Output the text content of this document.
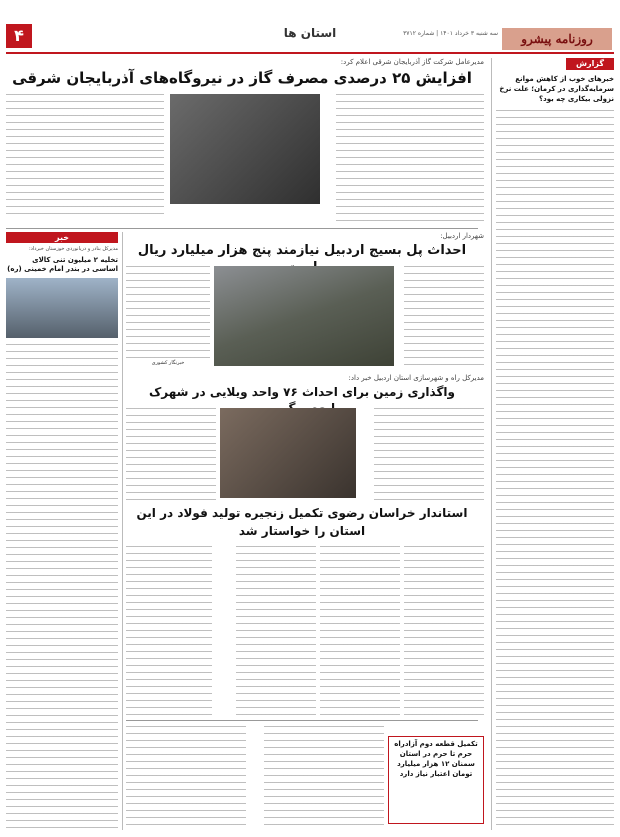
۴	استان ها	روزنامه پیشرو
سه شنبه ۳ خرداد ۱۴۰۱ | شماره ۳۷۱۲
گزارش
خبرهای خوب از کاهش موانع سرمایه‌گذاری در کرمان؛ علت نرخ نزولی بیکاری چه بود؟
مدیرعامل شرکت گاز آذربایجان شرقی اعلام کرد:
افزایش ۲۵ درصدی مصرف گاز در نیروگاه‌های آذربایجان شرقی
خبر
مدیرکل بنادر و دریانوردی خوزستان خبرداد:
تخلیه ۲ میلیون تنی کالای اساسی در بندر امام خمینی (ره)
شهردار اردبیل:
احداث پل بسیج اردبیل نیازمند پنج هزار میلیارد ریال
خبرنگار کشوری
مدیرکل راه و شهرسازی استان اردبیل خبر داد:
واگذاری زمین برای احداث ۷۶ واحد ویلایی در شهرک
استاندار خراسان رضوی تکمیل زنجیره تولید فولاد در این استان را خواستار شد
تکمیل قطعه دوم آزادراه حرم تا حرم در استان سمنان ۱۲ هزار میلیارد تومان اعتبار نیاز دارد
